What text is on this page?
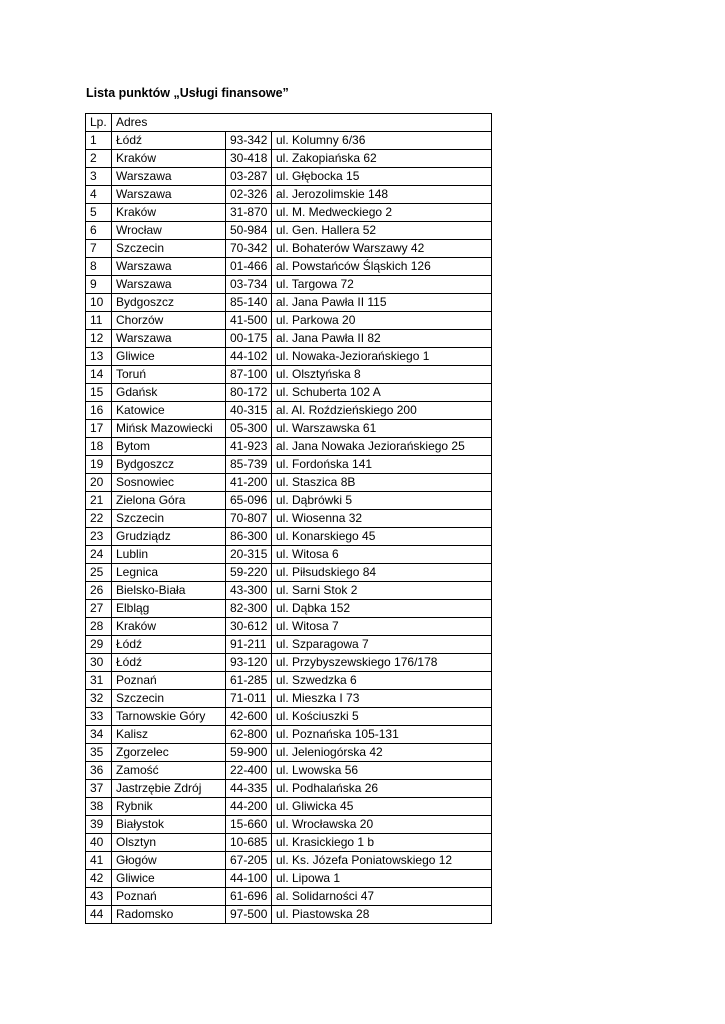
Lista punktów „Usługi finansowe”
Lp.	Adres		
1	Łódź	93-342	ul. Kolumny 6/36
2	Kraków	30-418	ul. Zakopiańska 62
3	Warszawa	03-287	ul. Głębocka 15
4	Warszawa	02-326	al. Jerozolimskie 148
5	Kraków	31-870	ul. M. Medweckiego 2
6	Wrocław	50-984	ul. Gen. Hallera 52
7	Szczecin	70-342	ul. Bohaterów Warszawy 42
8	Warszawa	01-466	al. Powstańców Śląskich 126
9	Warszawa	03-734	ul. Targowa 72
10	Bydgoszcz	85-140	al. Jana Pawła II 115
11	Chorzów	41-500	ul. Parkowa 20
12	Warszawa	00-175	al. Jana Pawła II 82
13	Gliwice	44-102	ul. Nowaka-Jeziorańskiego 1
14	Toruń	87-100	ul. Olsztyńska 8
15	Gdańsk	80-172	ul. Schuberta 102 A
16	Katowice	40-315	al. Al. Roździeńskiego 200
17	Mińsk Mazowiecki	05-300	ul. Warszawska 61
18	Bytom	41-923	al. Jana Nowaka Jeziorańskiego 25
19	Bydgoszcz	85-739	ul. Fordońska 141
20	Sosnowiec	41-200	ul. Staszica 8B
21	Zielona Góra	65-096	ul. Dąbrówki 5
22	Szczecin	70-807	ul. Wiosenna 32
23	Grudziądz	86-300	ul. Konarskiego 45
24	Lublin	20-315	ul. Witosa 6
25	Legnica	59-220	ul. Piłsudskiego 84
26	Bielsko-Biała	43-300	ul. Sarni Stok 2
27	Elbląg	82-300	ul. Dąbka 152
28	Kraków	30-612	ul. Witosa 7
29	Łódź	91-211	ul. Szparagowa 7
30	Łódź	93-120	ul. Przybyszewskiego 176/178
31	Poznań	61-285	ul. Szwedzka 6
32	Szczecin	71-011	ul. Mieszka I 73
33	Tarnowskie Góry	42-600	ul. Kościuszki 5
34	Kalisz	62-800	ul. Poznańska 105-131
35	Zgorzelec	59-900	ul. Jeleniogórska 42
36	Zamość	22-400	ul. Lwowska 56
37	Jastrzębie Zdrój	44-335	ul. Podhalańska 26
38	Rybnik	44-200	ul. Gliwicka 45
39	Białystok	15-660	ul. Wrocławska 20
40	Olsztyn	10-685	ul. Krasickiego 1 b
41	Głogów	67-205	ul. Ks. Józefa Poniatowskiego 12
42	Gliwice	44-100	ul. Lipowa 1
43	Poznań	61-696	al. Solidarności 47
44	Radomsko	97-500	ul. Piastowska 28
